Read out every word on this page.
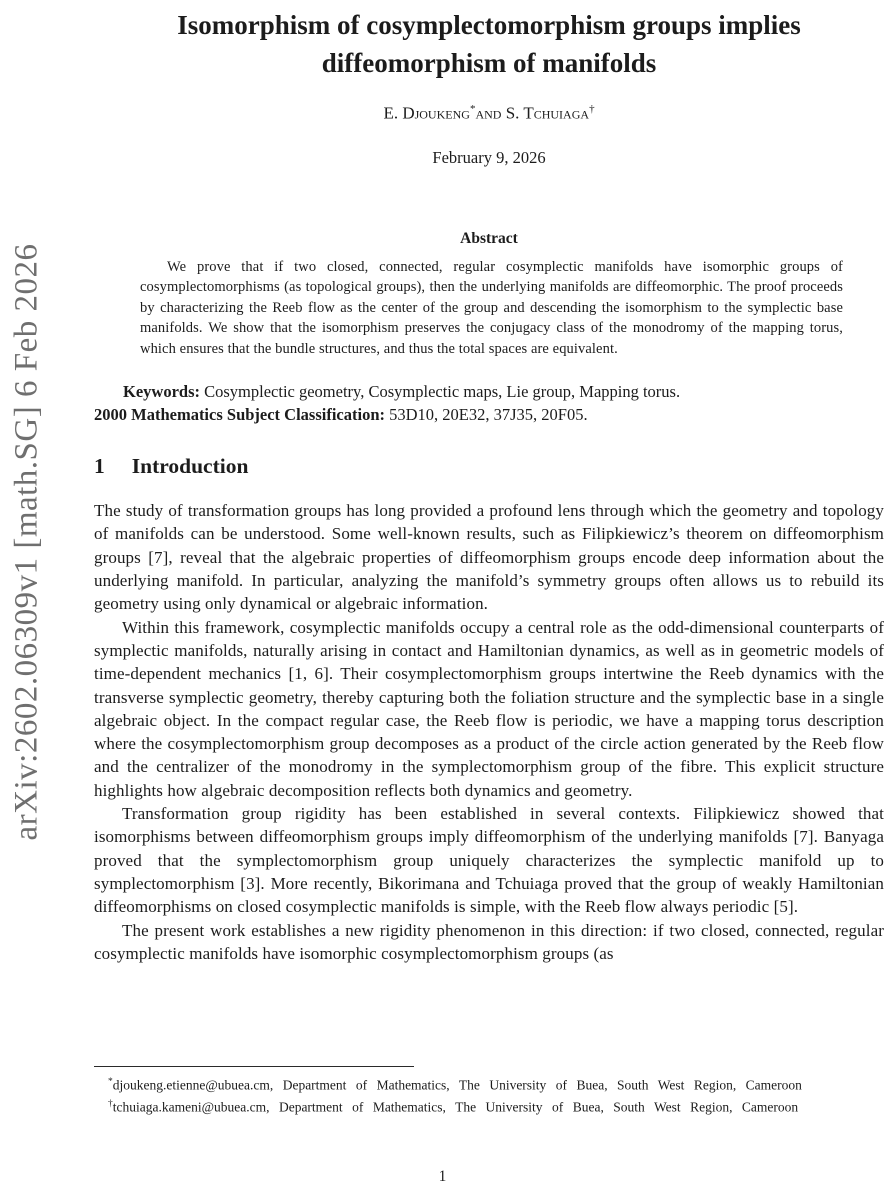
arXiv:2602.06309v1 [math.SG] 6 Feb 2026
Isomorphism of cosymplectomorphism groups implies
diffeomorphism of manifolds
E. Djoukeng*and S. Tchuiaga†
February 9, 2026
Abstract

We prove that if two closed, connected, regular cosymplectic manifolds have isomorphic groups of cosymplectomorphisms (as topological groups), then the underlying manifolds are diffeomorphic. The proof proceeds by characterizing the Reeb flow as the center of the group and descending the isomorphism to the symplectic base manifolds. We show that the isomorphism preserves the conjugacy class of the monodromy of the mapping torus, which ensures that the bundle structures, and thus the total spaces are equivalent.

Keywords: Cosymplectic geometry, Cosymplectic maps, Lie group, Mapping torus.

2000 Mathematics Subject Classification: 53D10, 20E32, 37J35, 20F05.

1 Introduction

The study of transformation groups has long provided a profound lens through which the geometry and topology of manifolds can be understood. Some well-known results, such as Filipkiewicz’s theorem on diffeomorphism groups [7], reveal that the algebraic properties of diffeomorphism groups encode deep information about the underlying manifold. In particular, analyzing the manifold’s symmetry groups often allows us to rebuild its geometry using only dynamical or algebraic information.

Within this framework, cosymplectic manifolds occupy a central role as the odd-dimensional counterparts of symplectic manifolds, naturally arising in contact and Hamiltonian dynamics, as well as in geometric models of time-dependent mechanics [1, 6]. Their cosymplectomorphism groups intertwine the Reeb dynamics with the transverse symplectic geometry, thereby capturing both the foliation structure and the symplectic base in a single algebraic object. In the compact regular case, the Reeb flow is periodic, we have a mapping torus description where the cosymplectomorphism group decomposes as a product of the circle action generated by the Reeb flow and the centralizer of the monodromy in the symplectomorphism group of the fibre. This explicit structure highlights how algebraic decomposition reflects both dynamics and geometry.

Transformation group rigidity has been established in several contexts. Filipkiewicz showed that isomorphisms between diffeomorphism groups imply diffeomorphism of the underlying manifolds [7]. Banyaga proved that the symplectomorphism group uniquely characterizes the symplectic manifold up to symplectomorphism [3]. More recently, Bikorimana and Tchuiaga proved that the group of weakly Hamiltonian diffeomorphisms on closed cosymplectic manifolds is simple, with the Reeb flow always periodic [5].

The present work establishes a new rigidity phenomenon in this direction: if two closed, connected, regular cosymplectic manifolds have isomorphic cosymplectomorphism groups (as

*djoukeng.etienne@ubuea.cm, Department of Mathematics, The University of Buea, South West Region, Cameroon

†tchuiaga.kameni@ubuea.cm, Department of Mathematics, The University of Buea, South West Region, Cameroon

1
